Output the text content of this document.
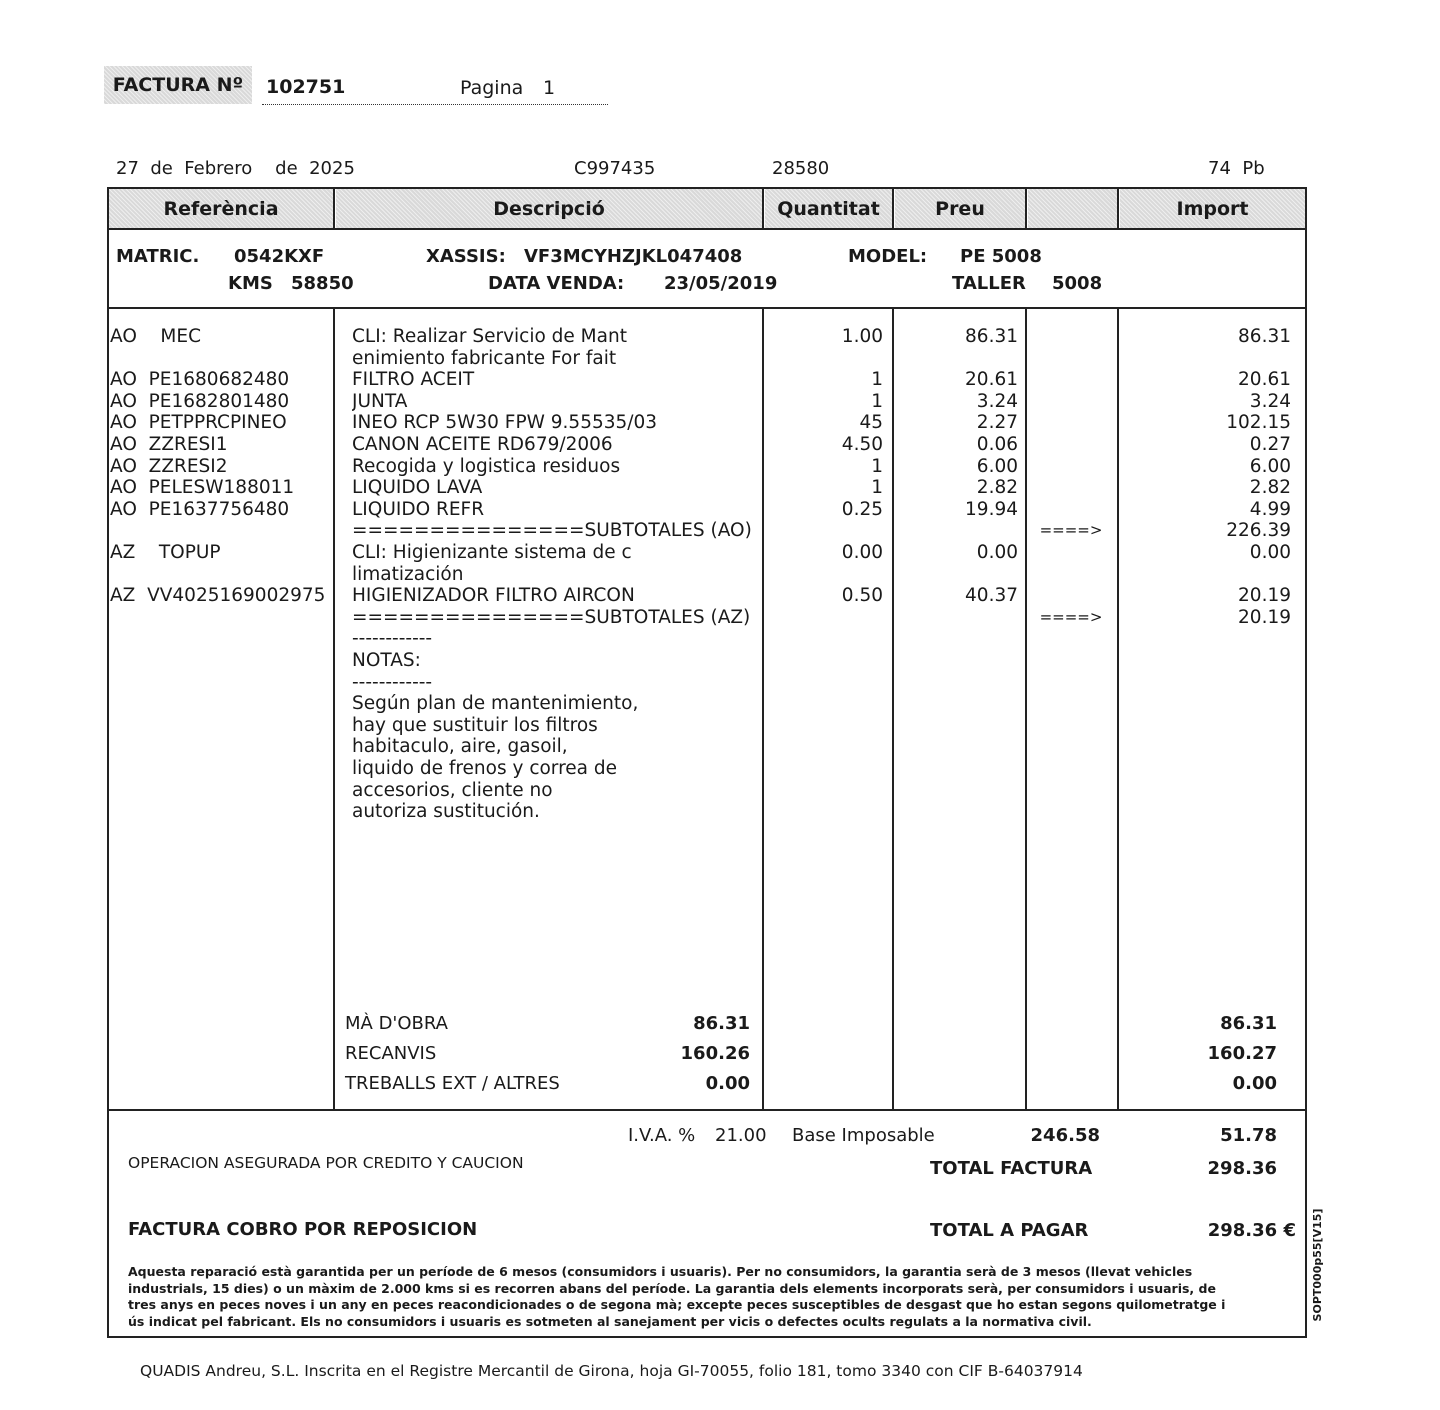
FACTURA Nº	102751	Pagina 1
27  de  Febrero    de  2025	C997435	28580	74  Pb
Referència	Descripció	Quantitat	Preu	Import
MATRIC. 0542KXF	XASSIS: VF3MCYHZJKL047408	MODEL: PE 5008
KMS 58850	DATA VENDA: 23/05/2019	TALLER 5008
AO    MEC	CLI: Realizar Servicio de Mant	1.00	86.31	86.31
enimiento fabricante For fait
AO  PE1680682480	FILTRO ACEIT	1	20.61	20.61
AO  PE1682801480	JUNTA	1	3.24	3.24
AO  PETPPRCPINEO	INEO RCP 5W30 FPW 9.55535/03	45	2.27	102.15
AO  ZZRESI1	CANON ACEITE RD679/2006	4.50	0.06	0.27
AO  ZZRESI2	Recogida y logistica residuos	1	6.00	6.00
AO  PELESW188011	LIQUIDO LAVA	1	2.82	2.82
AO  PE1637756480	LIQUIDO REFR	0.25	19.94	4.99
===============SUBTOTALES (AO)	====>	226.39
AZ    TOPUP	CLI: Higienizante sistema de c	0.00	0.00	0.00
limatización
AZ  VV4025169002975	HIGIENIZADOR FILTRO AIRCON	0.50	40.37	20.19
===============SUBTOTALES (AZ)	====>	20.19
------------
NOTAS:
------------
Según plan de mantenimiento,
hay que sustituir los filtros
habitaculo, aire, gasoil,
liquido de frenos y correa de
accesorios, cliente no
autoriza sustitución.
MÀ D'OBRA	86.31	86.31
RECANVIS	160.26	160.27
TREBALLS EXT / ALTRES	0.00	0.00
I.V.A. % 21.00 Base Imposable	246.58	51.78
OPERACION ASEGURADA POR CREDITO Y CAUCION	TOTAL FACTURA	298.36
FACTURA COBRO POR REPOSICION	TOTAL A PAGAR	298.36 €
Aquesta reparació està garantida per un període de 6 mesos (consumidors i usuaris). Per no consumidors, la garantia serà de 3 mesos (llevat vehicles
industrials, 15 dies) o un màxim de 2.000 kms si es recorren abans del període. La garantia dels elements incorporats serà, per consumidors i usuaris, de
tres anys en peces noves i un any en peces reacondicionades o de segona mà; excepte peces susceptibles de desgast que ho estan segons quilometratge i
ús indicat pel fabricant. Els no consumidors i usuaris es sotmeten al sanejament per vicis o defectes ocults regulats a la normativa civil.	SOPT000p55[V15]
QUADIS Andreu, S.L. Inscrita en el Registre Mercantil de Girona, hoja GI-70055, folio 181, tomo 3340 con CIF B-64037914
